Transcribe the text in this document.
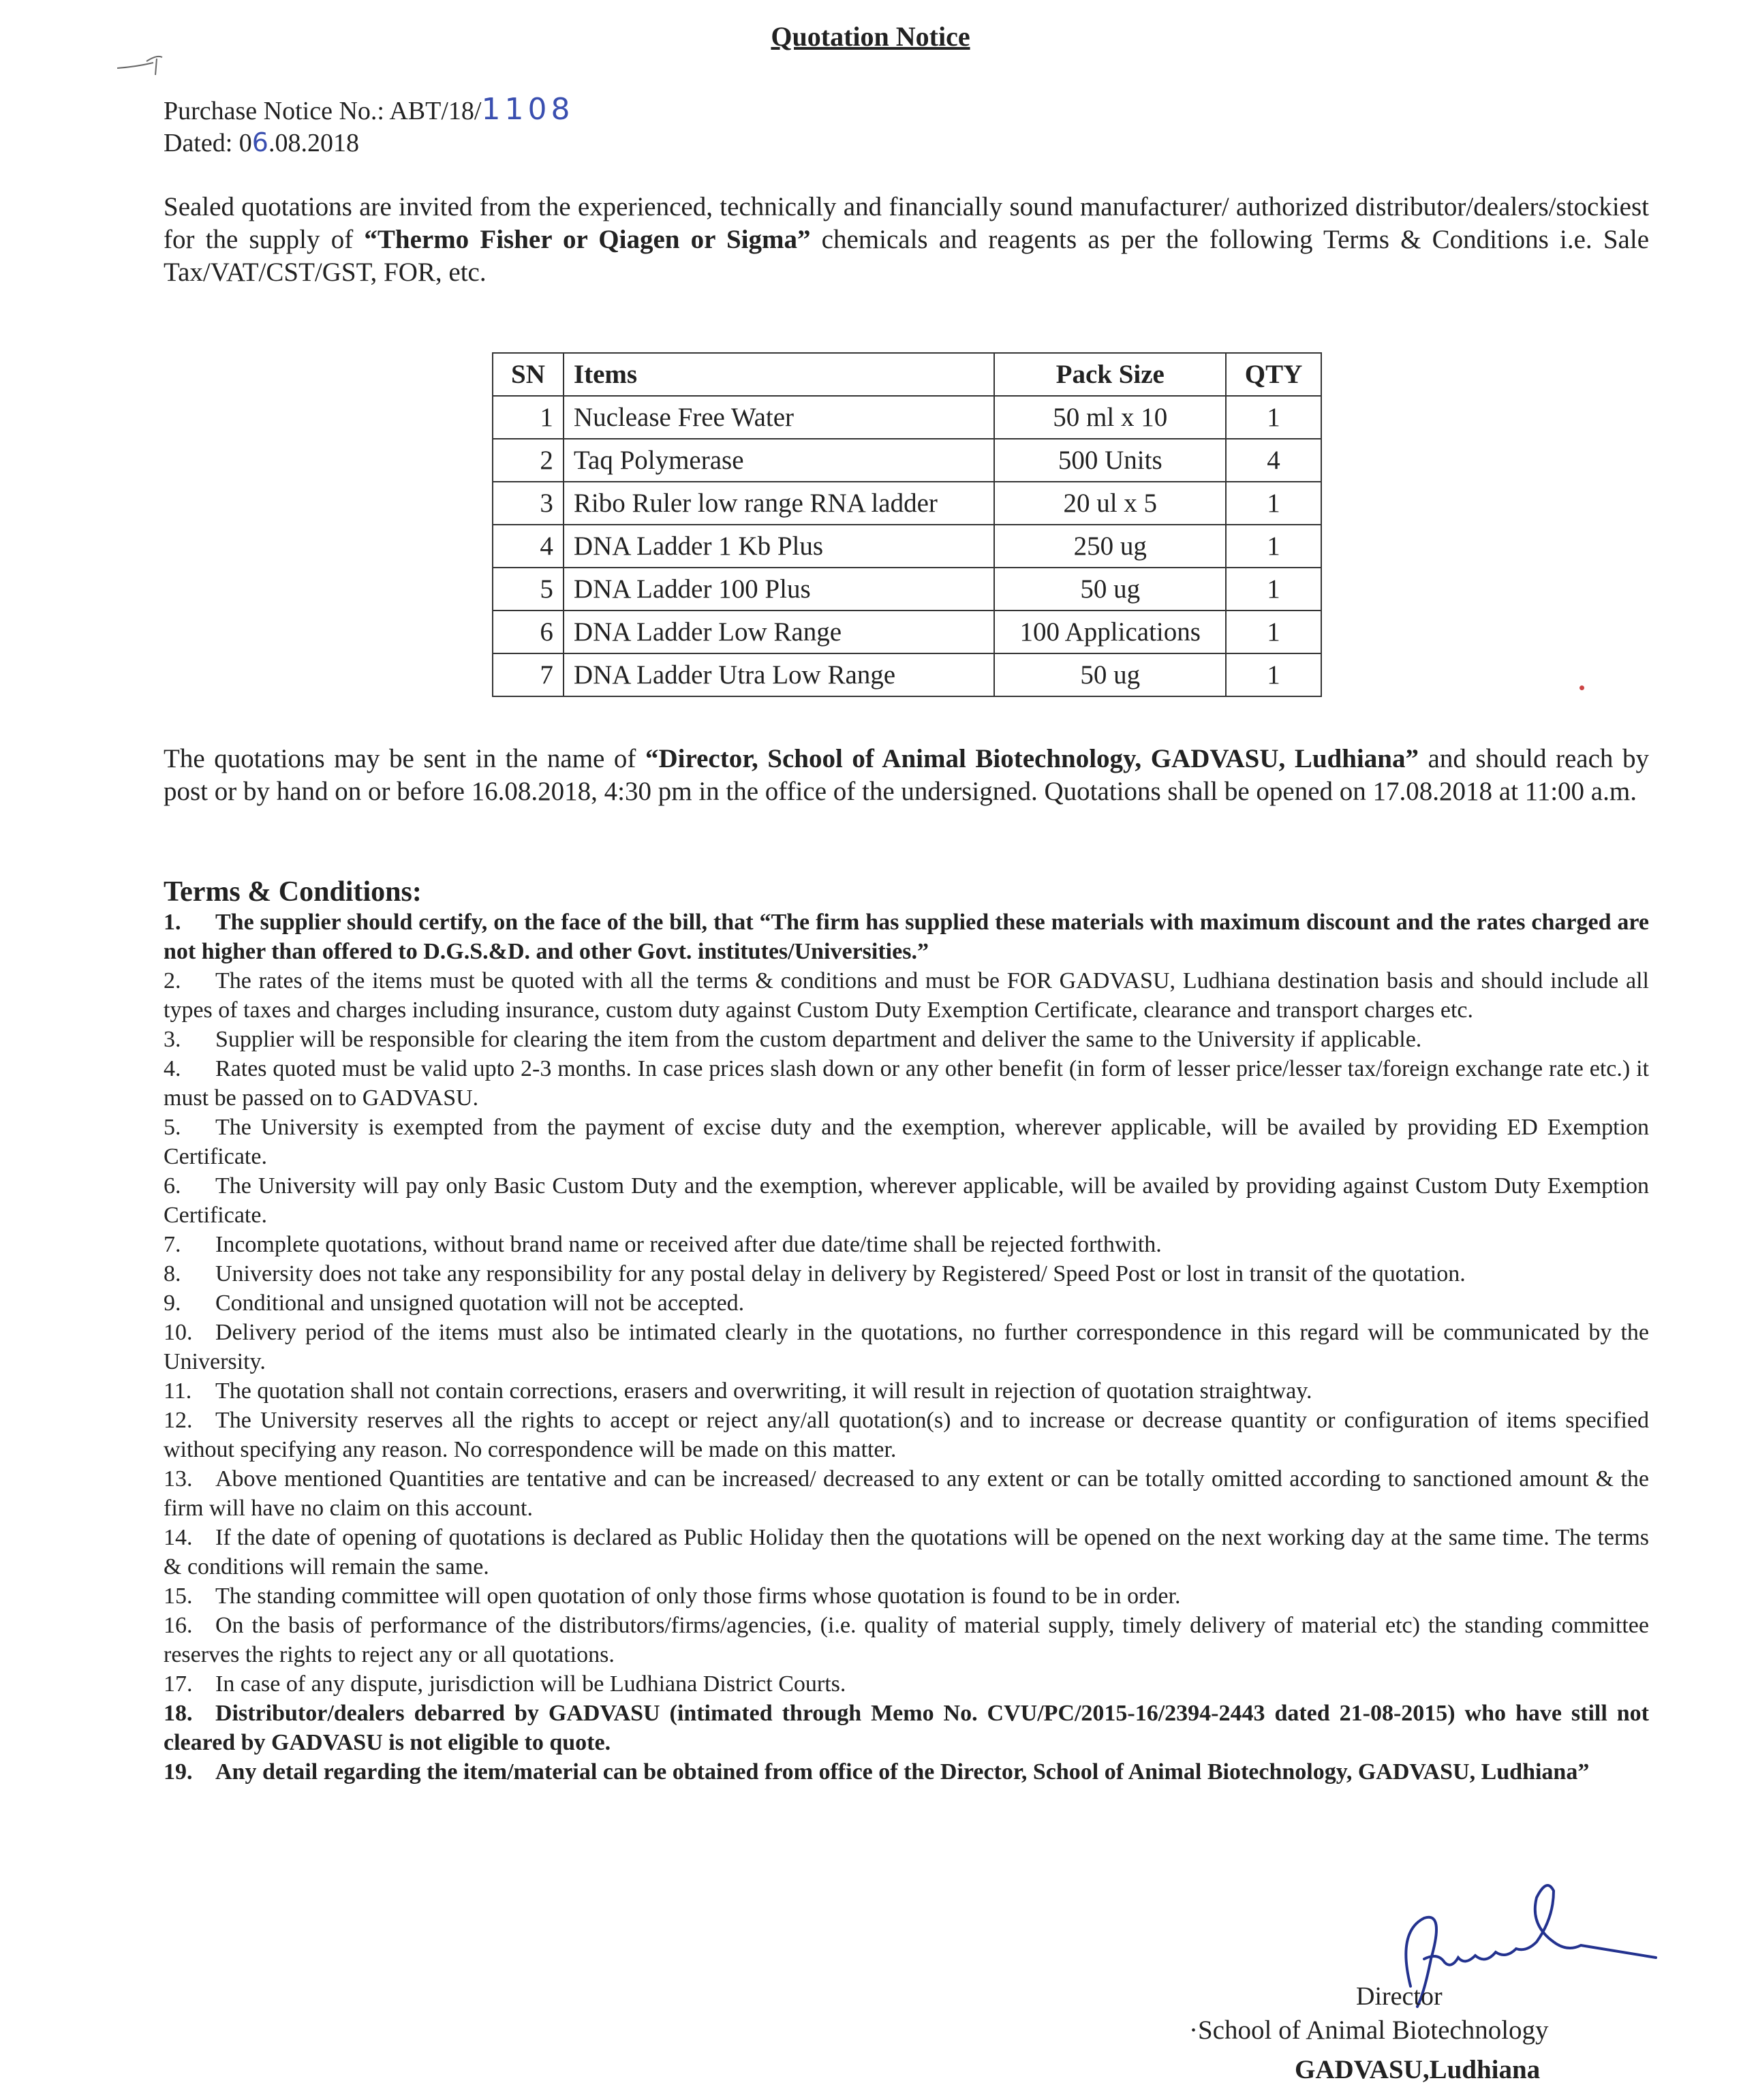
Quotation Notice
Purchase Notice No.: ABT/18/1108
Dated: 06.08.2018
Sealed quotations are invited from the experienced, technically and financially sound manufacturer/ authorized distributor/dealers/stockiest for the supply of “Thermo Fisher or Qiagen or Sigma” chemicals and reagents as per the following Terms & Conditions i.e. Sale Tax/VAT/CST/GST, FOR, etc.
SN	Items	Pack Size	QTY
1	Nuclease Free Water	50 ml x 10	1
2	Taq Polymerase	500 Units	4
3	Ribo Ruler low range RNA ladder	20 ul x 5	1
4	DNA Ladder 1 Kb Plus	250 ug	1
5	DNA Ladder 100 Plus	50 ug	1
6	DNA Ladder Low Range	100 Applications	1
7	DNA Ladder Utra Low Range	50 ug	1
The quotations may be sent in the name of “Director, School of Animal Biotechnology, GADVASU, Ludhiana” and should reach by post or by hand on or before 16.08.2018, 4:30 pm in the office of the undersigned. Quotations shall be opened on 17.08.2018 at 11:00 a.m.
Terms & Conditions:

1. The supplier should certify, on the face of the bill, that “The firm has supplied these materials with maximum discount and the rates charged are not higher than offered to D.G.S.&D. and other Govt. institutes/Universities.”

2. The rates of the items must be quoted with all the terms & conditions and must be FOR GADVASU, Ludhiana destination basis and should include all types of taxes and charges including insurance, custom duty against Custom Duty Exemption Certificate, clearance and transport charges etc.

3. Supplier will be responsible for clearing the item from the custom department and deliver the same to the University if applicable.

4. Rates quoted must be valid upto 2-3 months. In case prices slash down or any other benefit (in form of lesser price/lesser tax/foreign exchange rate etc.) it must be passed on to GADVASU.

5. The University is exempted from the payment of excise duty and the exemption, wherever applicable, will be availed by providing ED Exemption Certificate.

6. The University will pay only Basic Custom Duty and the exemption, wherever applicable, will be availed by providing against Custom Duty Exemption Certificate.

7. Incomplete quotations, without brand name or received after due date/time shall be rejected forthwith.

8. University does not take any responsibility for any postal delay in delivery by Registered/ Speed Post or lost in transit of the quotation.

9. Conditional and unsigned quotation will not be accepted.

10. Delivery period of the items must also be intimated clearly in the quotations, no further correspondence in this regard will be communicated by the University.

11. The quotation shall not contain corrections, erasers and overwriting, it will result in rejection of quotation straightway.

12. The University reserves all the rights to accept or reject any/all quotation(s) and to increase or decrease quantity or configuration of items specified without specifying any reason. No correspondence will be made on this matter.

13. Above mentioned Quantities are tentative and can be increased/ decreased to any extent or can be totally omitted according to sanctioned amount & the firm will have no claim on this account.

14. If the date of opening of quotations is declared as Public Holiday then the quotations will be opened on the next working day at the same time. The terms & conditions will remain the same.

15. The standing committee will open quotation of only those firms whose quotation is found to be in order.

16. On the basis of performance of the distributors/firms/agencies, (i.e. quality of material supply, timely delivery of material etc) the standing committee reserves the rights to reject any or all quotations.

17. In case of any dispute, jurisdiction will be Ludhiana District Courts.

18. Distributor/dealers debarred by GADVASU (intimated through Memo No. CVU/PC/2015-16/2394-2443 dated 21-08-2015) who have still not cleared by GADVASU is not eligible to quote.

19. Any detail regarding the item/material can be obtained from office of the Director, School of Animal Biotechnology, GADVASU, Ludhiana”

Director
·School of Animal Biotechnology
GADVASU,Ludhiana
